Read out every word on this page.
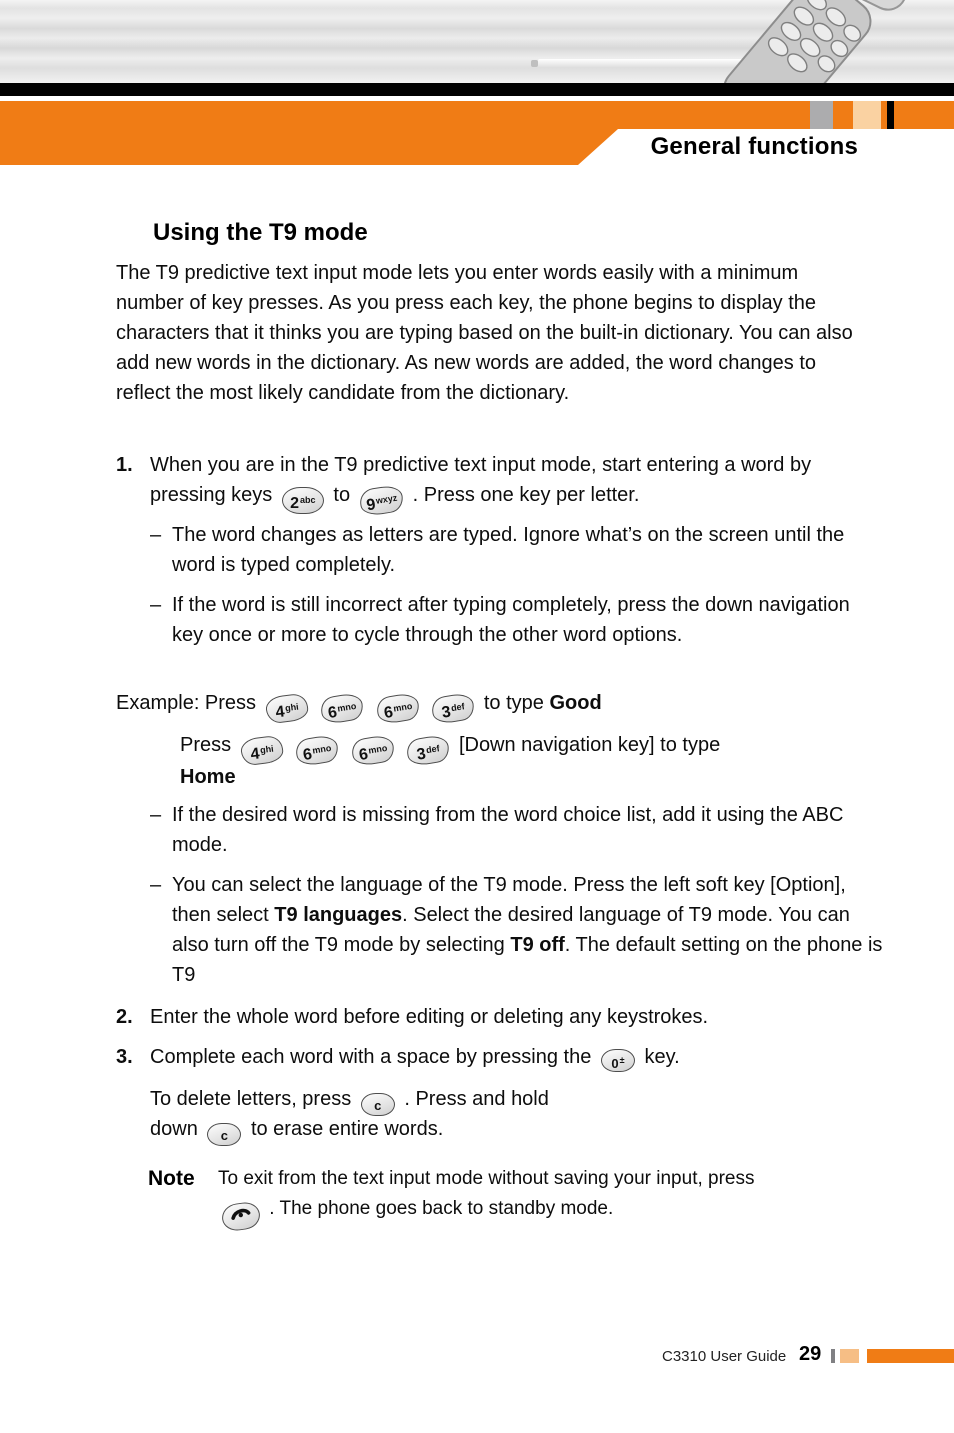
General functions
Using the T9 mode
The T9 predictive text input mode lets you enter words easily with a minimum number of key presses. As you press each key, the phone begins to display the characters that it thinks you are typing based on the built-in dictionary. You can also add new words in the dictionary. As new words are added, the word changes to reflect the most likely candidate from the dictionary.
1. When you are in the T9 predictive text input mode, start entering a word by pressing keys $2^{abc}$ to $9^{wxyz}$ . Press one key per letter.
– The word changes as letters are typed. Ignore what’s on the screen until the word is typed completely.
– If the word is still incorrect after typing completely, press the down navigation key once or more to cycle through the other word options.
Example: Press $4^{ghi}$ $6^{mno}$ $6^{mno}$ $3^{def}$ to type Good
Press $4^{ghi}$ $6^{mno}$ $6^{mno}$ $3^{def}$ [Down navigation key] to type
Home
– If the desired word is missing from the word choice list, add it using the ABC mode.
– You can select the language of the T9 mode. Press the left soft key [Option], then select T9 languages. Select the desired language of T9 mode. You can also turn off the T9 mode by selecting T9 off. The default setting on the phone is T9
2. Enter the whole word before editing or deleting any keystrokes.
3. Complete each word with a space by pressing the 0± key.
To delete letters, press c . Press and hold
down c to erase entire words.
Note To exit from the text input mode without saving your input, press
. The phone goes back to standby mode.
C3310 User Guide 29
